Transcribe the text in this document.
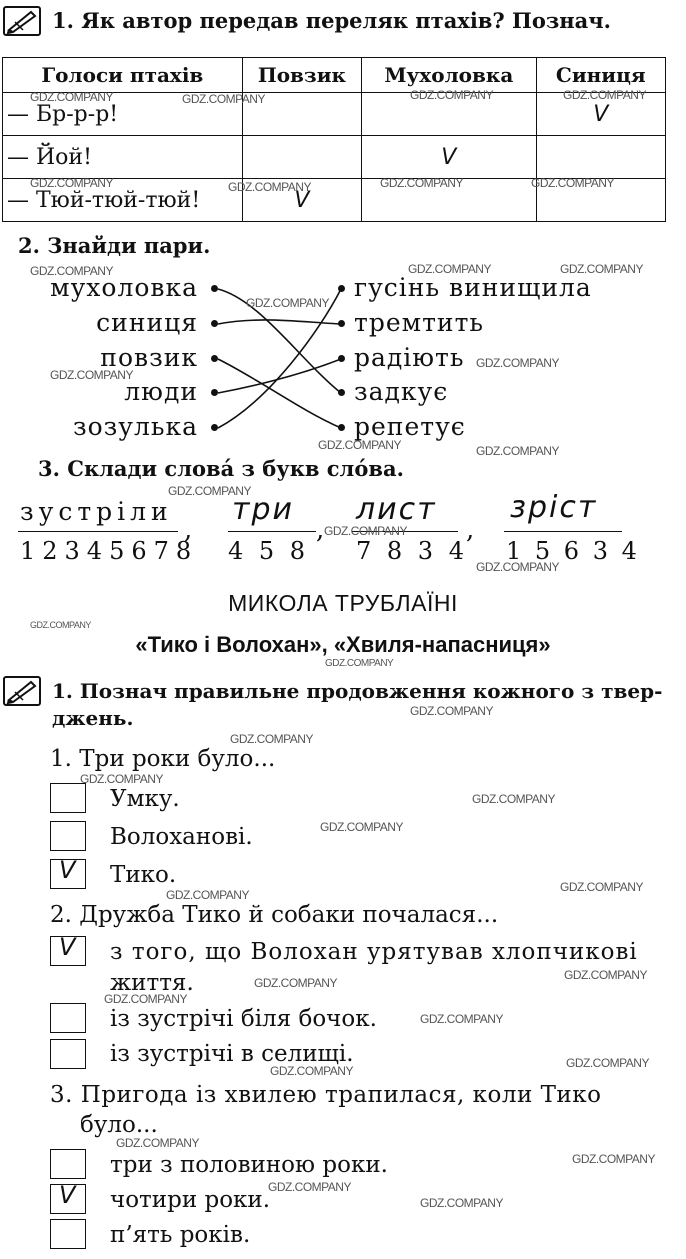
1. Як автор передав переляк птахів? Познач.
Голоси птахів	Повзик	Мухоловка	Синиця
— Бр-р-р!			V
— Йой!		V	
— Тюй-тюй-тюй!	V		
2. Знайди пари.
мухоловка
синиця
повзик
люди
зозулька
гусінь винищила
тремтить
радіють
задкує
репетує
3. Склади слова́ з букв сло́ва.
зустріли
12345678
,
три
4 5 8
,
лист
7 8 3 4
,
зріст
1 5 6 3 4
МИКОЛА ТРУБЛАЇНІ
«Тико і Волохан», «Хвиля-напасниця»
1. Познач правильне продовження кожного з твер-
джень.
1. Три роки було...
Умку.
Волоханові.
V Тико.
2. Дружба Тико й собаки почалася...
V з того, що Волохан урятував хлопчикові
життя.
із зустрічі біля бочок.
із зустрічі в селищі.
3. Пригода із хвилею трапилася, коли Тико
було...
три з половиною роки.
V чотири роки.
п’ять років.
GDZ.COMPANY	GDZ.COMPANY	GDZ.COMPANY	GDZ.COMPANY
GDZ.COMPANY	GDZ.COMPANY	GDZ.COMPANY	GDZ.COMPANY
GDZ.COMPANY	GDZ.COMPANY	GDZ.COMPANY
GDZ.COMPANY
GDZ.COMPANY
GDZ.COMPANY
GDZ.COMPANY
GDZ.COMPANY
GDZ.COMPANY
GDZ.COMPANY
GDZ.COMPANY
GDZ.COMPANY
GDZ.COMPANY
GDZ.COMPANY
GDZ.COMPANY
GDZ.COMPANY
GDZ.COMPANY
GDZ.COMPANY
GDZ.COMPANY
GDZ.COMPANY
GDZ.COMPANY
GDZ.COMPANY
GDZ.COMPANY
GDZ.COMPANY
GDZ.COMPANY
GDZ.COMPANY
GDZ.COMPANY
GDZ.COMPANY
GDZ.COMPANY
GDZ.COMPANY
